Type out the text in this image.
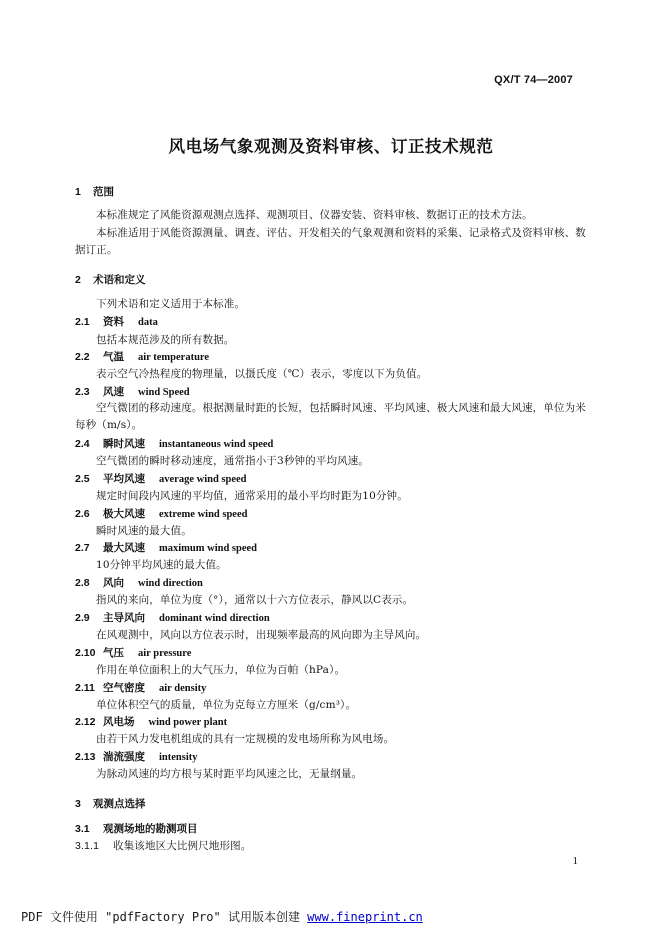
QX/T 74—2007
风电场气象观测及资料审核、订正技术规范
1 范围
本标准规定了风能资源观测点选择、观测项目、仪器安装、资料审核、数据订正的技术方法。
本标准适用于风能资源测量、调查、评估、开发相关的气象观测和资料的采集、记录格式及资料审核、数据订正。
2 术语和定义
下列术语和定义适用于本标准。
2.1 资料 data
包括本规范涉及的所有数据。
2.2 气温 air temperature
表示空气冷热程度的物理量，以摄氏度（℃）表示，零度以下为负值。
2.3 风速 wind Speed
空气微团的移动速度。根据测量时距的长短，包括瞬时风速、平均风速、极大风速和最大风速，单位为米每秒（m/s）。
2.4 瞬时风速 instantaneous wind speed
空气微团的瞬时移动速度，通常指小于3秒钟的平均风速。
2.5 平均风速 average wind speed
规定时间段内风速的平均值，通常采用的最小平均时距为10分钟。
2.6 极大风速 extreme wind speed
瞬时风速的最大值。
2.7 最大风速 maximum wind speed
10分钟平均风速的最大值。
2.8 风向 wind direction
指风的来向，单位为度（°），通常以十六方位表示，静风以C表示。
2.9 主导风向 dominant wind direction
在风观测中，风向以方位表示时，出现频率最高的风向即为主导风向。
2.10 气压 air pressure
作用在单位面积上的大气压力，单位为百帕（hPa）。
2.11 空气密度 air density
单位体积空气的质量，单位为克每立方厘米（g/cm³）。
2.12 风电场 wind power plant
由若干风力发电机组成的具有一定规模的发电场所称为风电场。
2.13 湍流强度 intensity
为脉动风速的均方根与某时距平均风速之比，无量纲量。
3 观测点选择
3.1 观测场地的勘测项目
3.1.1 收集该地区大比例尺地形图。
1
PDF 文件使用 "pdfFactory Pro" 试用版本创建 www.fineprint.cn
